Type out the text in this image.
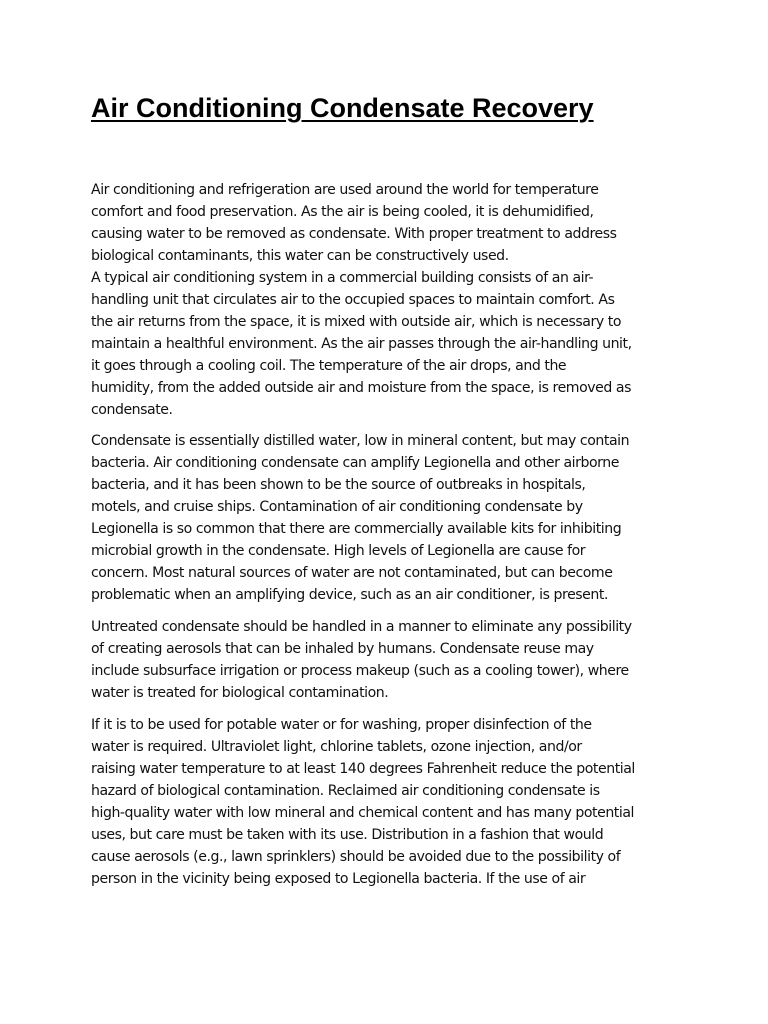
Air Conditioning Condensate Recovery

Air conditioning and refrigeration are used around the world for temperature
comfort and food preservation. As the air is being cooled, it is dehumidified,
causing water to be removed as condensate. With proper treatment to address
biological contaminants, this water can be constructively used.
A typical air conditioning system in a commercial building consists of an air-
handling unit that circulates air to the occupied spaces to maintain comfort. As
the air returns from the space, it is mixed with outside air, which is necessary to
maintain a healthful environment. As the air passes through the air-handling unit,
it goes through a cooling coil. The temperature of the air drops, and the
humidity, from the added outside air and moisture from the space, is removed as
condensate.

Condensate is essentially distilled water, low in mineral content, but may contain
bacteria. Air conditioning condensate can amplify Legionella and other airborne
bacteria, and it has been shown to be the source of outbreaks in hospitals,
motels, and cruise ships. Contamination of air conditioning condensate by
Legionella is so common that there are commercially available kits for inhibiting
microbial growth in the condensate. High levels of Legionella are cause for
concern. Most natural sources of water are not contaminated, but can become
problematic when an amplifying device, such as an air conditioner, is present.

Untreated condensate should be handled in a manner to eliminate any possibility
of creating aerosols that can be inhaled by humans. Condensate reuse may
include subsurface irrigation or process makeup (such as a cooling tower), where
water is treated for biological contamination.

If it is to be used for potable water or for washing, proper disinfection of the
water is required. Ultraviolet light, chlorine tablets, ozone injection, and/or
raising water temperature to at least 140 degrees Fahrenheit reduce the potential
hazard of biological contamination. Reclaimed air conditioning condensate is
high-quality water with low mineral and chemical content and has many potential
uses, but care must be taken with its use. Distribution in a fashion that would
cause aerosols (e.g., lawn sprinklers) should be avoided due to the possibility of
person in the vicinity being exposed to Legionella bacteria. If the use of air
